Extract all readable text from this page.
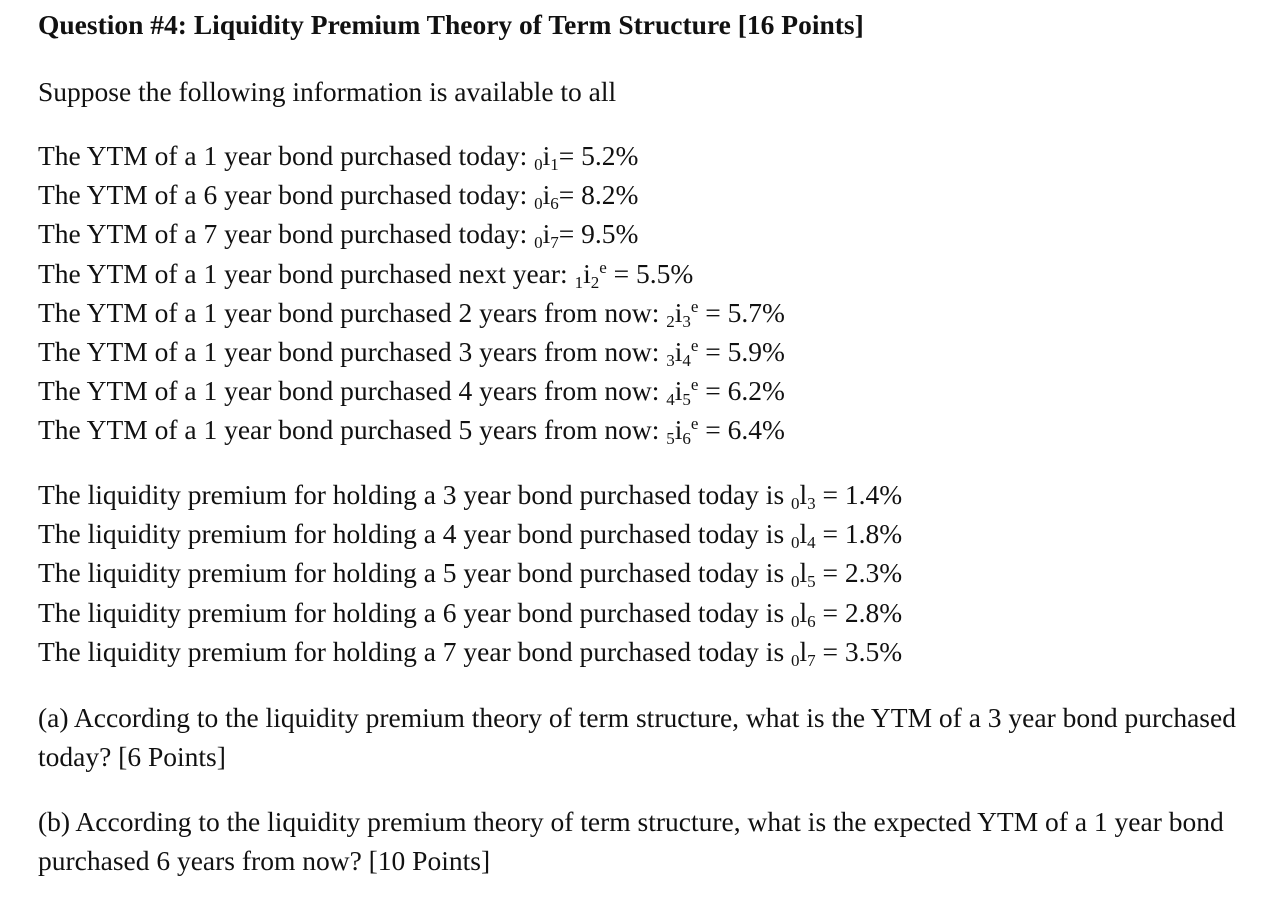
Question #4: Liquidity Premium Theory of Term Structure [16 Points]
Suppose the following information is available to all
The YTM of a 1 year bond purchased today: 0i1= 5.2%
The YTM of a 6 year bond purchased today: 0i6= 8.2%
The YTM of a 7 year bond purchased today: 0i7= 9.5%
The YTM of a 1 year bond purchased next year: $1i2^e = 5.5\%$
The YTM of a 1 year bond purchased 2 years from now: $2i3^e = 5.7\%$
The YTM of a 1 year bond purchased 3 years from now: $3i4^e = 5.9\%$
The YTM of a 1 year bond purchased 4 years from now: $4i5^e = 6.2\%$
The YTM of a 1 year bond purchased 5 years from now: $5i6^e = 6.4\%$
The liquidity premium for holding a 3 year bond purchased today is 0l3 = 1.4%
The liquidity premium for holding a 4 year bond purchased today is 0l4 = 1.8%
The liquidity premium for holding a 5 year bond purchased today is 0l5 = 2.3%
The liquidity premium for holding a 6 year bond purchased today is 0l6 = 2.8%
The liquidity premium for holding a 7 year bond purchased today is 0l7 = 3.5%
(a) According to the liquidity premium theory of term structure, what is the YTM of a 3 year bond purchased today? [6 Points]
(b) According to the liquidity premium theory of term structure, what is the expected YTM of a 1 year bond purchased 6 years from now? [10 Points]
